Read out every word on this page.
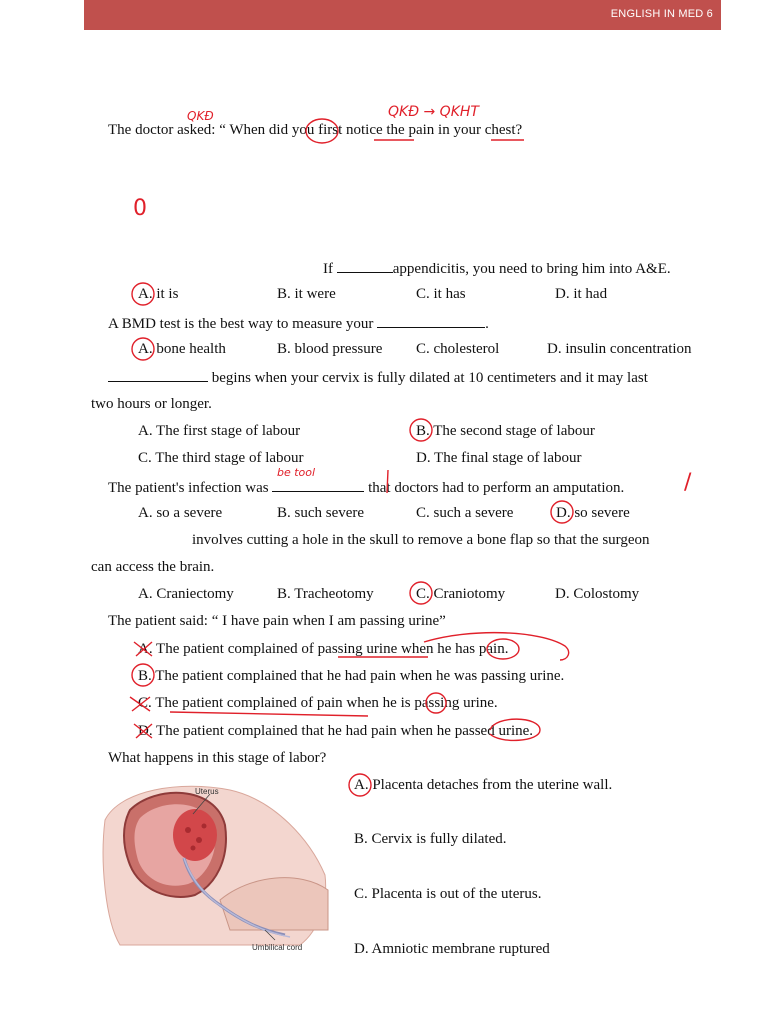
ENGLISH IN MED 6
The doctor asked: “ When did you first notice the pain in your chest?
If	appendicitis, you need to bring him into A&E.
A. it is	B. it were	C. it has	D. it had
A BMD test is the best way to measure your	.
A. bone health	B. blood pressure C. cholesterol	D. insulin concentration
begins when your cervix is fully dilated at 10 centimeters and it may last
two hours or longer.
A. The first stage of labour	B. The second stage of labour
C. The third stage of labour	D. The final stage of labour
The patient's infection was	that doctors had to perform an amputation.
A. so a severe	B. such severe	C. such a severe	D. so severe
involves cutting a hole in the skull to remove a bone flap so that the surgeon
can access the brain.
A. Craniectomy	B. Tracheotomy	C. Craniotomy	D. Colostomy
The patient said: “ I have pain when I am passing urine”
A. The patient complained of passing urine when he has pain.
B. The patient complained that he had pain when he was passing urine.
C. The patient complained of pain when he is passing urine.
D. The patient complained that he had pain when he passed urine.
What happens in this stage of labor?
A. Placenta detaches from the uterine wall.
B. Cervix is fully dilated.
C. Placenta is out of the uterus.
D. Amniotic membrane ruptured
Uterus
Umbilical cord
QKĐ	QKĐ → QKHT
0
be tool	/
